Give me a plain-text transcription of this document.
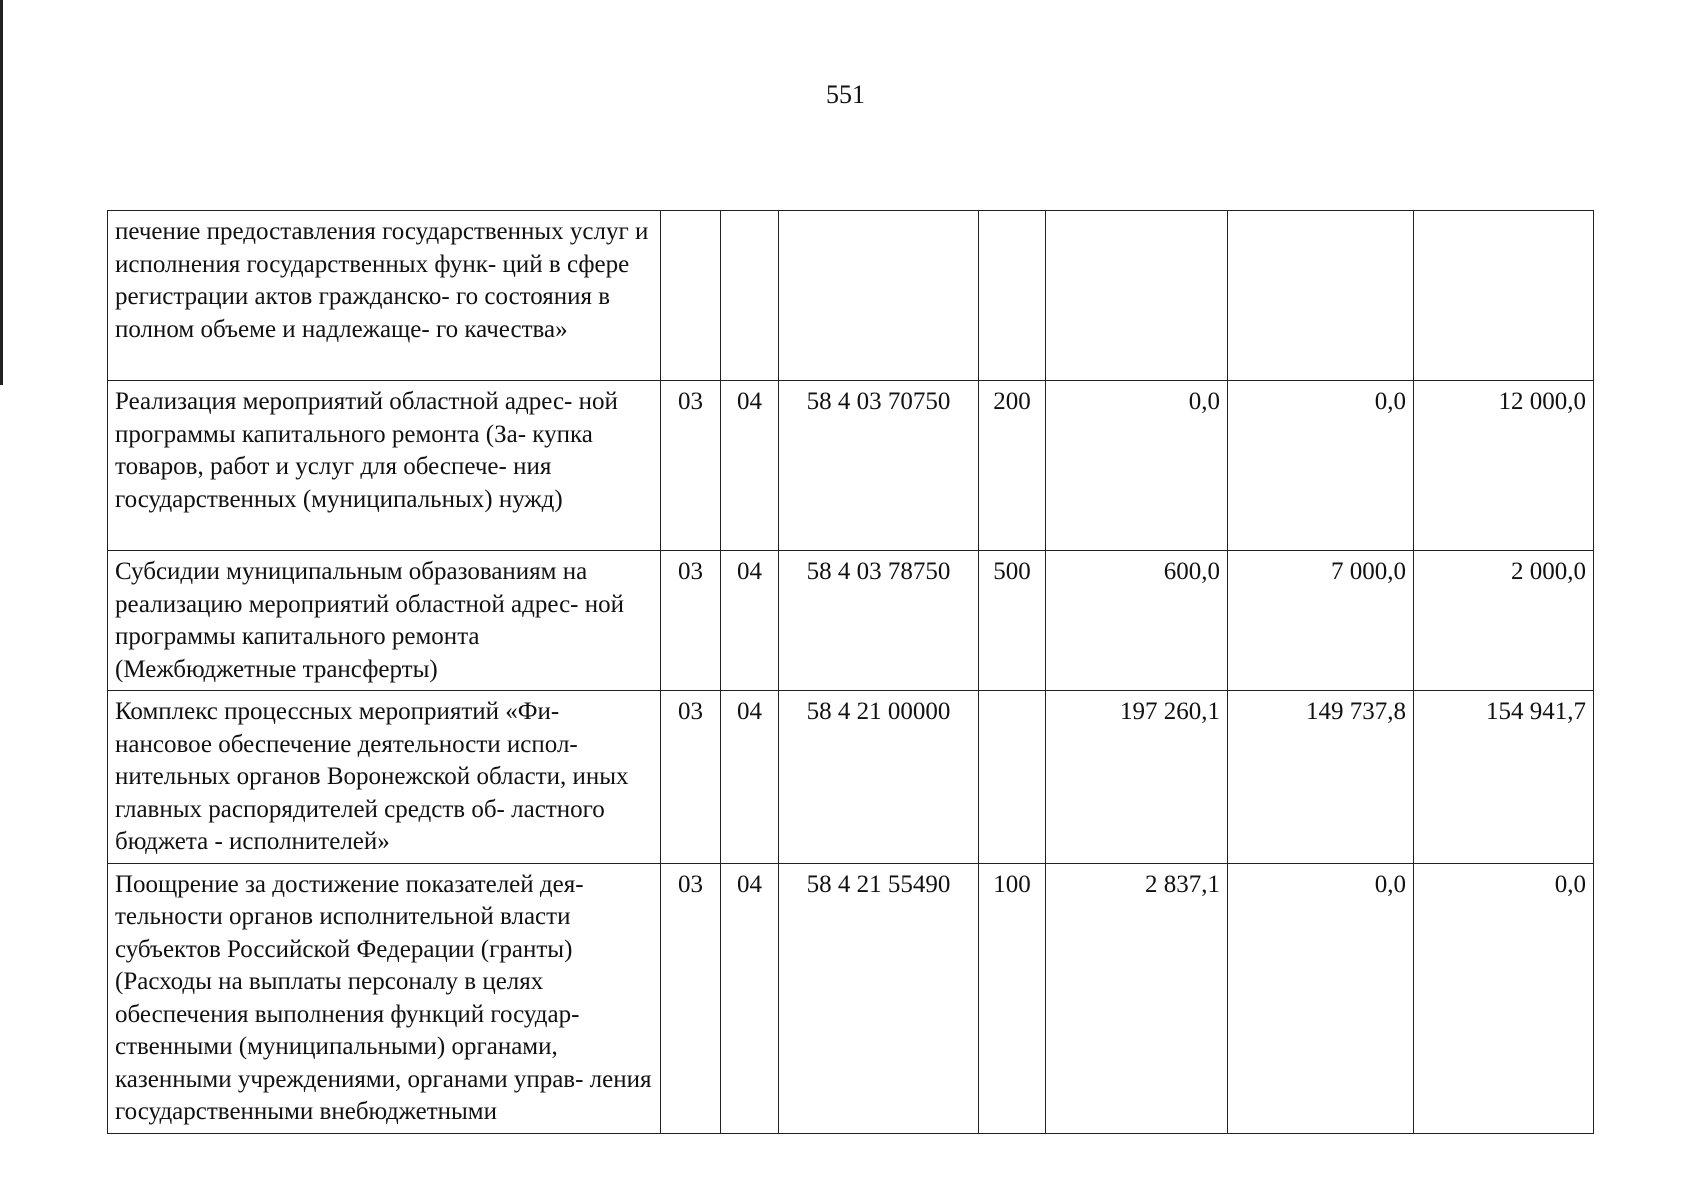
551
печение предоставления государственных услуг и исполнения государственных функ- ций в сфере регистрации актов гражданско- го состояния в полном объеме и надлежаще- го качества»							
Реализация мероприятий областной адрес- ной программы капитального ремонта (За- купка товаров, работ и услуг для обеспече- ния государственных (муниципальных) нужд)	03	04	58 4 03 70750	200	0,0	0,0	12 000,0
Субсидии муниципальным образованиям на реализацию мероприятий областной адрес- ной программы капитального ремонта (Межбюджетные трансферты)	03	04	58 4 03 78750	500	600,0	7 000,0	2 000,0
Комплекс процессных мероприятий «Фи- нансовое обеспечение деятельности испол- нительных органов Воронежской области, иных главных распорядителей средств об- ластного бюджета - исполнителей»	03	04	58 4 21 00000		197 260,1	149 737,8	154 941,7
Поощрение за достижение показателей дея- тельности органов исполнительной власти субъектов Российской Федерации (гранты) (Расходы на выплаты персоналу в целях обеспечения выполнения функций государ- ственными (муниципальными) органами, казенными учреждениями, органами управ- ления государственными внебюджетными	03	04	58 4 21 55490	100	2 837,1	0,0	0,0
